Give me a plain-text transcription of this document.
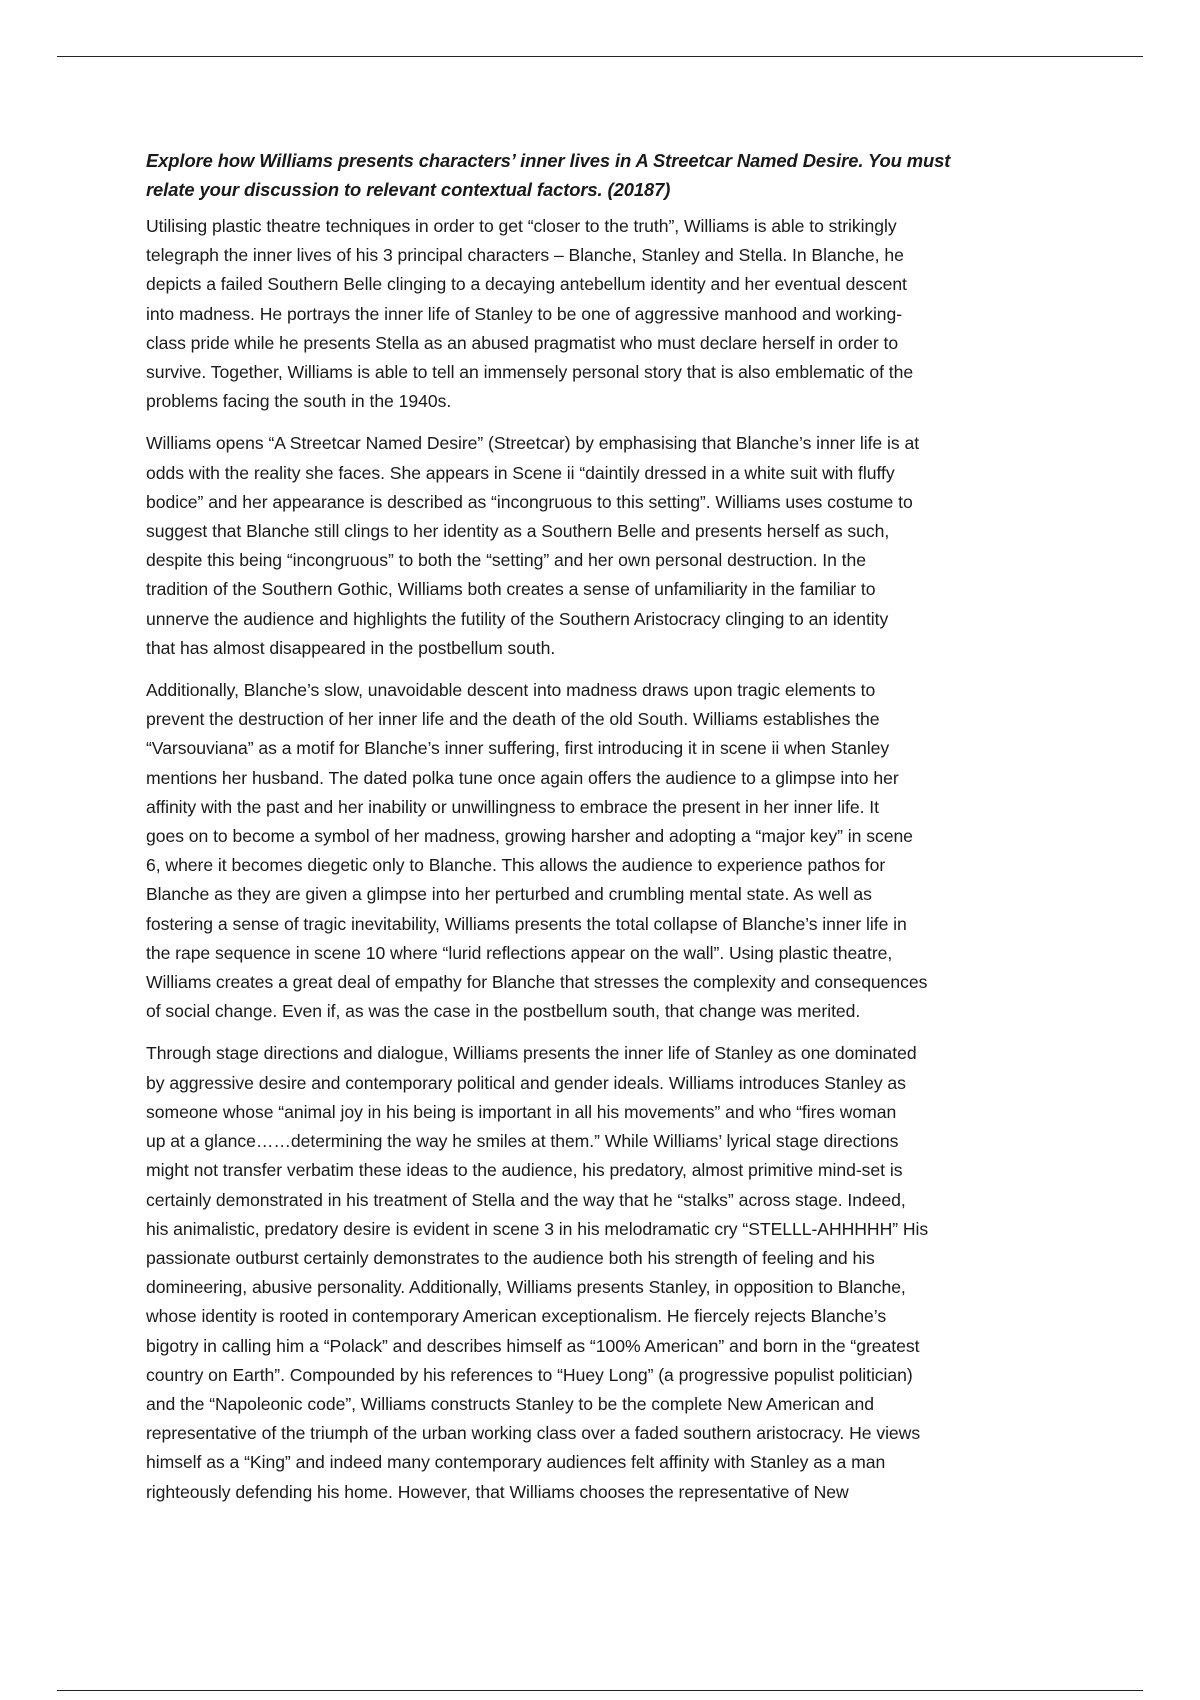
Explore how Williams presents characters’ inner lives in A Streetcar Named Desire. You must
relate your discussion to relevant contextual factors. (20187)
Utilising plastic theatre techniques in order to get “closer to the truth”, Williams is able to strikingly
telegraph the inner lives of his 3 principal characters – Blanche, Stanley and Stella. In Blanche, he
depicts a failed Southern Belle clinging to a decaying antebellum identity and her eventual descent
into madness. He portrays the inner life of Stanley to be one of aggressive manhood and working-
class pride while he presents Stella as an abused pragmatist who must declare herself in order to
survive. Together, Williams is able to tell an immensely personal story that is also emblematic of the
problems facing the south in the 1940s.
Williams opens “A Streetcar Named Desire” (Streetcar) by emphasising that Blanche’s inner life is at
odds with the reality she faces. She appears in Scene ii “daintily dressed in a white suit with fluffy
bodice” and her appearance is described as “incongruous to this setting”. Williams uses costume to
suggest that Blanche still clings to her identity as a Southern Belle and presents herself as such,
despite this being “incongruous” to both the “setting” and her own personal destruction. In the
tradition of the Southern Gothic, Williams both creates a sense of unfamiliarity in the familiar to
unnerve the audience and highlights the futility of the Southern Aristocracy clinging to an identity
that has almost disappeared in the postbellum south.
Additionally, Blanche’s slow, unavoidable descent into madness draws upon tragic elements to
prevent the destruction of her inner life and the death of the old South. Williams establishes the
“Varsouviana” as a motif for Blanche’s inner suffering, first introducing it in scene ii when Stanley
mentions her husband. The dated polka tune once again offers the audience to a glimpse into her
affinity with the past and her inability or unwillingness to embrace the present in her inner life. It
goes on to become a symbol of her madness, growing harsher and adopting a “major key” in scene
6, where it becomes diegetic only to Blanche. This allows the audience to experience pathos for
Blanche as they are given a glimpse into her perturbed and crumbling mental state. As well as
fostering a sense of tragic inevitability, Williams presents the total collapse of Blanche’s inner life in
the rape sequence in scene 10 where “lurid reflections appear on the wall”. Using plastic theatre,
Williams creates a great deal of empathy for Blanche that stresses the complexity and consequences
of social change. Even if, as was the case in the postbellum south, that change was merited.
Through stage directions and dialogue, Williams presents the inner life of Stanley as one dominated
by aggressive desire and contemporary political and gender ideals. Williams introduces Stanley as
someone whose “animal joy in his being is important in all his movements” and who “fires woman
up at a glance……determining the way he smiles at them.” While Williams’ lyrical stage directions
might not transfer verbatim these ideas to the audience, his predatory, almost primitive mind-set is
certainly demonstrated in his treatment of Stella and the way that he “stalks” across stage. Indeed,
his animalistic, predatory desire is evident in scene 3 in his melodramatic cry “STELLL-AHHHHH” His
passionate outburst certainly demonstrates to the audience both his strength of feeling and his
domineering, abusive personality. Additionally, Williams presents Stanley, in opposition to Blanche,
whose identity is rooted in contemporary American exceptionalism. He fiercely rejects Blanche’s
bigotry in calling him a “Polack” and describes himself as “100% American” and born in the “greatest
country on Earth”. Compounded by his references to “Huey Long” (a progressive populist politician)
and the “Napoleonic code”, Williams constructs Stanley to be the complete New American and
representative of the triumph of the urban working class over a faded southern aristocracy. He views
himself as a “King” and indeed many contemporary audiences felt affinity with Stanley as a man
righteously defending his home. However, that Williams chooses the representative of New
